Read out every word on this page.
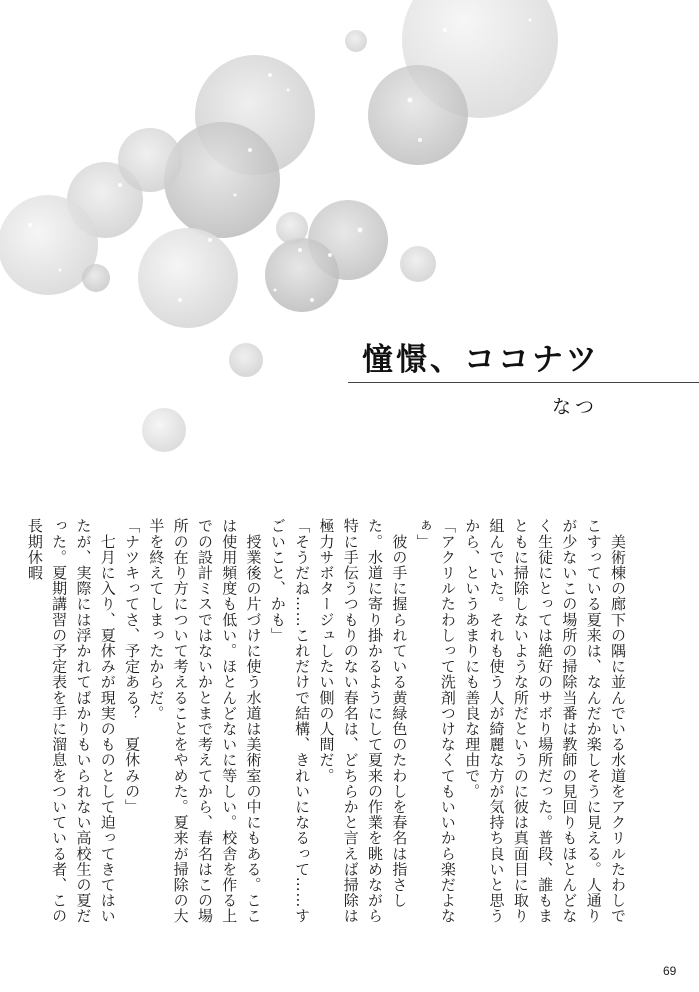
憧憬、ココナツ
なつ

　美術棟の廊下の隅に並んでいる水道をアクリルたわしでこすっている夏来は、なんだか楽しそうに見える。人通りが少ないこの場所の掃除当番は教師の見回りもほとんどなく生徒にとっては絶好のサボり場所だった。普段、誰もまともに掃除しないような所だというのに彼は真面目に取り組んでいた。それも使う人が綺麗な方が気持ち良いと思うから、というあまりにも善良な理由で。

「アクリルたわしって洗剤つけなくてもいいから楽だよなぁ」

　彼の手に握られている黄緑色のたわしを春名は指さした。水道に寄り掛かるようにして夏来の作業を眺めながら特に手伝うつもりのない春名は、どちらかと言えば掃除は極力サボタージュしたい側の人間だ。

「そうだね……これだけで結構、きれいになるって……すごいこと、かも」

　授業後の片づけに使う水道は美術室の中にもある。ここは使用頻度も低い。ほとんどないに等しい。校舎を作る上での設計ミスではないかとまで考えてから、春名はこの場所の在り方について考えることをやめた。夏来が掃除の大半を終えてしまったからだ。

「ナツキってさ、予定ある？　夏休みの」

　七月に入り、夏休みが現実のものとして迫ってきてはいたが、実際には浮かれてばかりもいられない高校生の夏だった。夏期講習の予定表を手に溜息をついている者、この長期休暇

69
